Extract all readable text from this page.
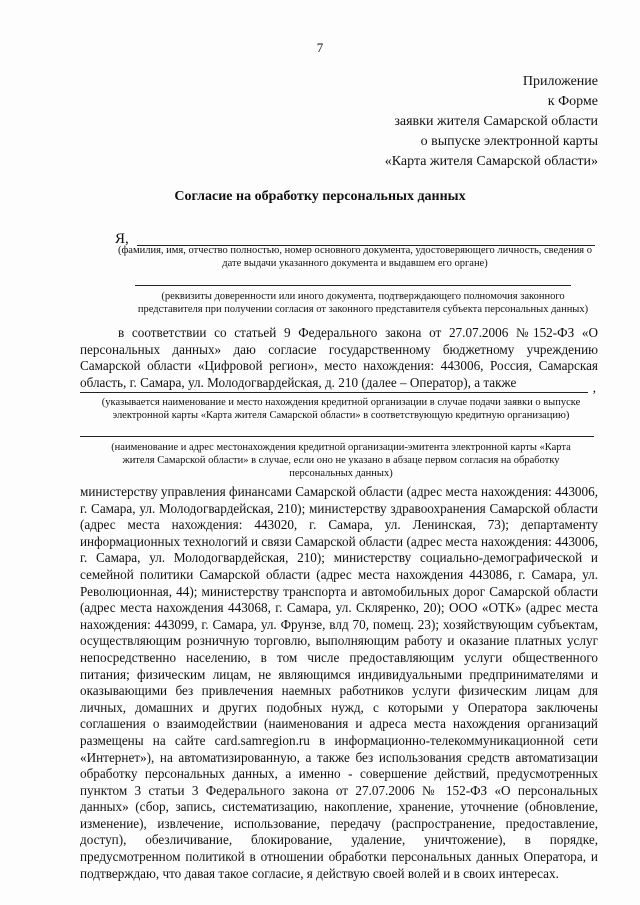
7
Приложение
к Форме
заявки жителя Самарской области
о выпуске электронной карты
«Карта жителя Самарской области»
Согласие на обработку персональных данных
Я,
(фамилия, имя, отчество полностью, номер основного документа, удостоверяющего личность, сведения о дате выдачи указанного документа и выдавшем его органе)
(реквизиты доверенности или иного документа, подтверждающего полномочия законного представителя при получении согласия от законного представителя субъекта персональных данных)

в соответствии со статьей 9 Федерального закона от 27.07.2006 №152-ФЗ «О персональных данных» даю согласие государственному бюджетному учреждению Самарской области «Цифровой регион», место нахождения: 443006, Россия, Самарская область, г. Самара, ул. Молодогвардейская, д. 210 (далее – Оператор), а также	,
(указывается наименование и место нахождения кредитной организации в случае подачи заявки о выпуске электронной карты «Карта жителя Самарской области» в соответствующую кредитную организацию)
(наименование и адрес местонахождения кредитной организации-эмитента электронной карты «Карта жителя Самарской области» в случае, если оно не указано в абзаце первом согласия на обработку персональных данных)

министерству управления финансами Самарской области (адрес места нахождения: 443006, г. Самара, ул. Молодогвардейская, 210); министерству здравоохранения Самарской области (адрес места нахождения: 443020, г. Самара, ул. Ленинская, 73); департаменту информационных технологий и связи Самарской области (адрес места нахождения: 443006, г. Самара, ул. Молодогвардейская, 210); министерству социально-демографической и семейной политики Самарской области (адрес места нахождения 443086, г. Самара, ул. Революционная, 44); министерству транспорта и автомобильных дорог Самарской области (адрес места нахождения 443068, г. Самара, ул. Скляренко, 20); ООО «ОТК» (адрес места нахождения: 443099, г. Самара, ул. Фрунзе, влд 70, помещ. 23); хозяйствующим субъектам, осуществляющим розничную торговлю, выполняющим работу и оказание платных услуг непосредственно населению, в том числе предоставляющим услуги общественного питания; физическим лицам, не являющимся индивидуальными предпринимателями и оказывающими без привлечения наемных работников услуги физическим лицам для личных, домашних и других подобных нужд, с которыми у Оператора заключены соглашения о взаимодействии (наименования и адреса места нахождения организаций размещены на сайте card.samregion.ru в информационно-телекоммуникационной сети «Интернет»), на автоматизированную, а также без использования средств автоматизации обработку персональных данных, а именно - совершение действий, предусмотренных пунктом 3 статьи 3 Федерального закона от 27.07.2006 № 152-ФЗ «О персональных данных» (сбор, запись, систематизацию, накопление, хранение, уточнение (обновление, изменение), извлечение, использование, передачу (распространение, предоставление, доступ), обезличивание, блокирование, удаление, уничтожение), в порядке, предусмотренном политикой в отношении обработки персональных данных Оператора, и подтверждаю, что давая такое согласие, я действую своей волей и в своих интересах.
